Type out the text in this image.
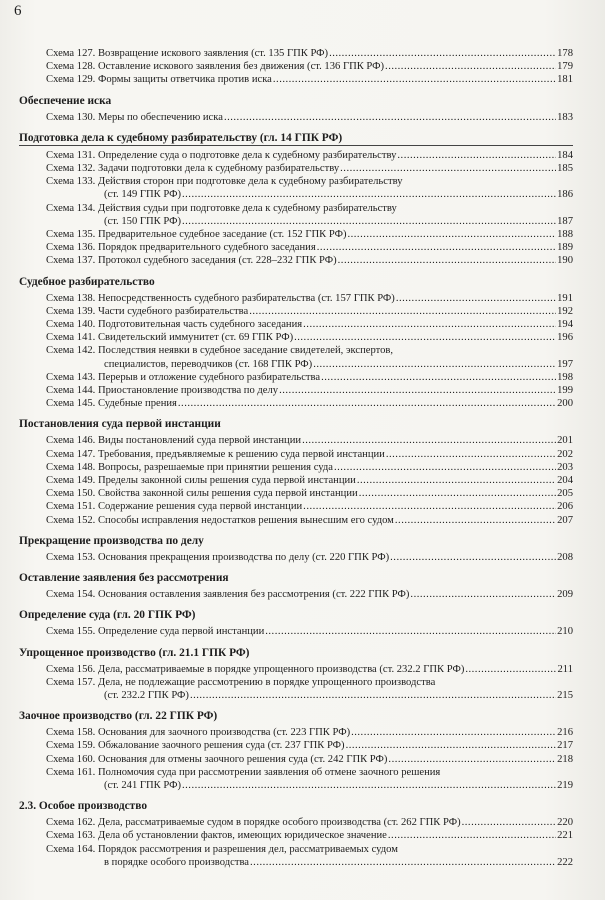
6
Схема 127. Возвращение искового заявления (ст. 135 ГПК РФ) .....	178
Схема 128. Оставление искового заявления без движения (ст. 136 ГПК РФ) .....	179
Схема 129. Формы защиты ответчика против иска .....	181
Обеспечение иска
Схема 130. Меры по обеспечению иска .....	183
Подготовка дела к судебному разбирательству (гл. 14 ГПК РФ)
Схема 131. Определение суда о подготовке дела к судебному разбирательству .....	184
Схема 132. Задачи подготовки дела к судебному разбирательству .....	185
Схема 133. Действия сторон при подготовке дела к судебному разбирательству
(ст. 149 ГПК РФ) .....	186
Схема 134. Действия судьи при подготовке дела к судебному разбирательству
(ст. 150 ГПК РФ) .....	187
Схема 135. Предварительное судебное заседание (ст. 152 ГПК РФ) .....	188
Схема 136. Порядок предварительного судебного заседания .....	189
Схема 137. Протокол судебного заседания (ст. 228–232 ГПК РФ) .....	190
Судебное разбирательство
Схема 138. Непосредственность судебного разбирательства (ст. 157 ГПК РФ) .....	191
Схема 139. Части судебного разбирательства .....	192
Схема 140. Подготовительная часть судебного заседания .....	194
Схема 141. Свидетельский иммунитет (ст. 69 ГПК РФ) .....	196
Схема 142. Последствия неявки в судебное заседание свидетелей, экспертов,
специалистов, переводчиков (ст. 168 ГПК РФ) .....	197
Схема 143. Перерыв и отложение судебного разбирательства .....	198
Схема 144. Приостановление производства по делу .....	199
Схема 145. Судебные прения .....	200
Постановления суда первой инстанции
Схема 146. Виды постановлений суда первой инстанции .....	201
Схема 147. Требования, предъявляемые к решению суда первой инстанции .....	202
Схема 148. Вопросы, разрешаемые при принятии решения суда .....	203
Схема 149. Пределы законной силы решения суда первой инстанции .....	204
Схема 150. Свойства законной силы решения суда первой инстанции .....	205
Схема 151. Содержание решения суда первой инстанции .....	206
Схема 152. Способы исправления недостатков решения вынесшим его судом .....	207
Прекращение производства по делу
Схема 153. Основания прекращения производства по делу (ст. 220 ГПК РФ) .....	208
Оставление заявления без рассмотрения
Схема 154. Основания оставления заявления без рассмотрения (ст. 222 ГПК РФ) .....	209
Определение суда (гл. 20 ГПК РФ)
Схема 155. Определение суда первой инстанции .....	210
Упрощенное производство (гл. 21.1 ГПК РФ)
Схема 156. Дела, рассматриваемые в порядке упрощенного производства (ст. 232.2 ГПК РФ) .....	211
Схема 157. Дела, не подлежащие рассмотрению в порядке упрощенного производства
(ст. 232.2 ГПК РФ) .....	215
Заочное производство (гл. 22 ГПК РФ)
Схема 158. Основания для заочного производства (ст. 223 ГПК РФ) .....	216
Схема 159. Обжалование заочного решения суда (ст. 237 ГПК РФ) .....	217
Схема 160. Основания для отмены заочного решения суда (ст. 242 ГПК РФ) .....	218
Схема 161. Полномочия суда при рассмотрении заявления об отмене заочного решения
(ст. 241 ГПК РФ) .....	219
2.3. Особое производство
Схема 162. Дела, рассматриваемые судом в порядке особого производства (ст. 262 ГПК РФ) .....	220
Схема 163. Дела об установлении фактов, имеющих юридическое значение .....	221
Схема 164. Порядок рассмотрения и разрешения дел, рассматриваемых судом
в порядке особого производства .....	222
